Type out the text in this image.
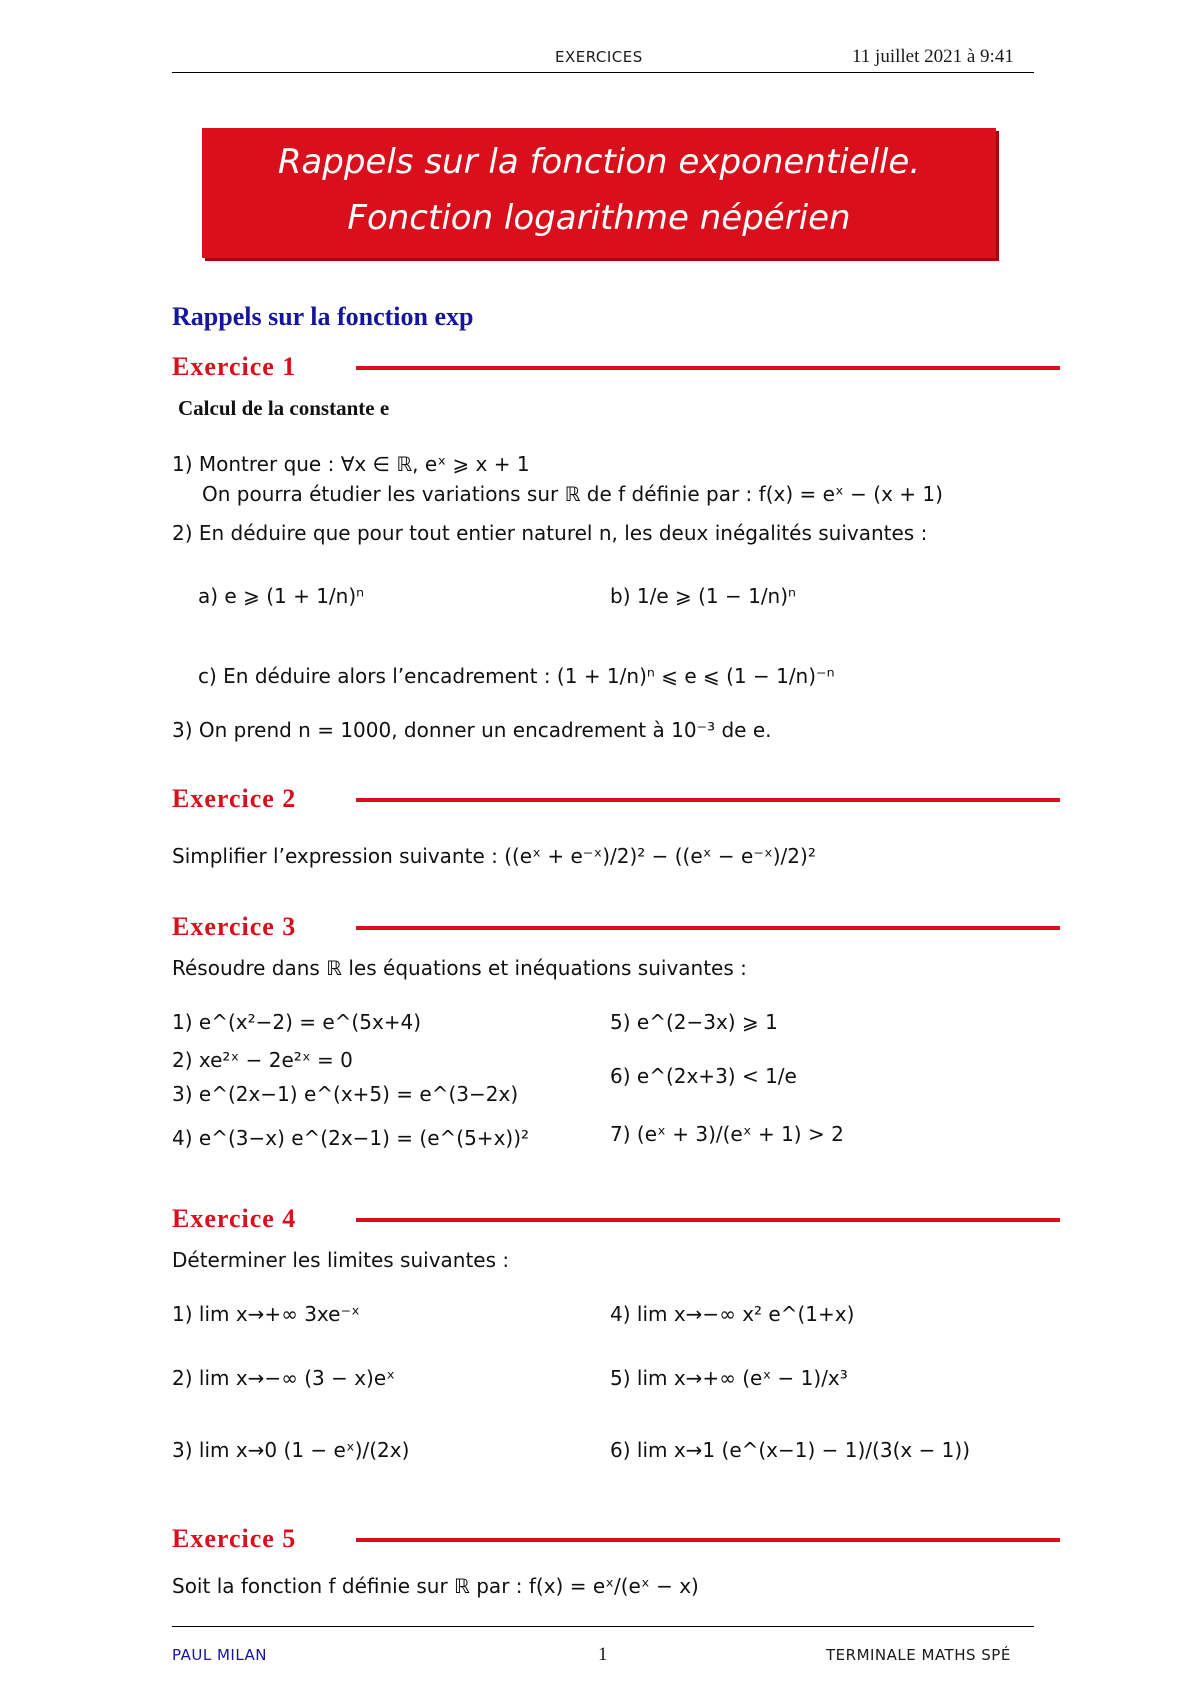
EXERCICES	11 juillet 2021 à 9:41
Rappels sur la fonction exponentielle.
Fonction logarithme népérien
Rappels sur la fonction exp
Exercice 1
Calcul de la constante e
1) Montrer que : ∀x ∈ ℝ, eˣ ⩾ x + 1
On pourra étudier les variations sur ℝ de f définie par : f(x) = eˣ − (x + 1)
2) En déduire que pour tout entier naturel n, les deux inégalités suivantes :
a) e ⩾ (1 + 1/n)ⁿ	b) 1/e ⩾ (1 − 1/n)ⁿ
c) En déduire alors l’encadrement : (1 + 1/n)ⁿ ⩽ e ⩽ (1 − 1/n)⁻ⁿ
3) On prend n = 1000, donner un encadrement à 10⁻³ de e.
Exercice 2
Simplifier l’expression suivante : ((eˣ + e⁻ˣ)/2)² − ((eˣ − e⁻ˣ)/2)²
Exercice 3
Résoudre dans ℝ les équations et inéquations suivantes :
1) e^(x²−2) = e^(5x+4)
2) xe²ˣ − 2e²ˣ = 0
3) e^(2x−1) e^(x+5) = e^(3−2x)
4) e^(3−x) e^(2x−1) = (e^(5+x))²
5) e^(2−3x) ⩾ 1
6) e^(2x+3) < 1/e
7) (eˣ + 3)/(eˣ + 1) > 2
Exercice 4
Déterminer les limites suivantes :
1) lim x→+∞ 3xe⁻ˣ
2) lim x→−∞ (3 − x)eˣ
3) lim x→0 (1 − eˣ)/(2x)
4) lim x→−∞ x² e^(1+x)
5) lim x→+∞ (eˣ − 1)/x³
6) lim x→1 (e^(x−1) − 1)/(3(x − 1))
Exercice 5
Soit la fonction f définie sur ℝ par : f(x) = eˣ/(eˣ − x)
PAUL MILAN	1	TERMINALE MATHS SPÉ
